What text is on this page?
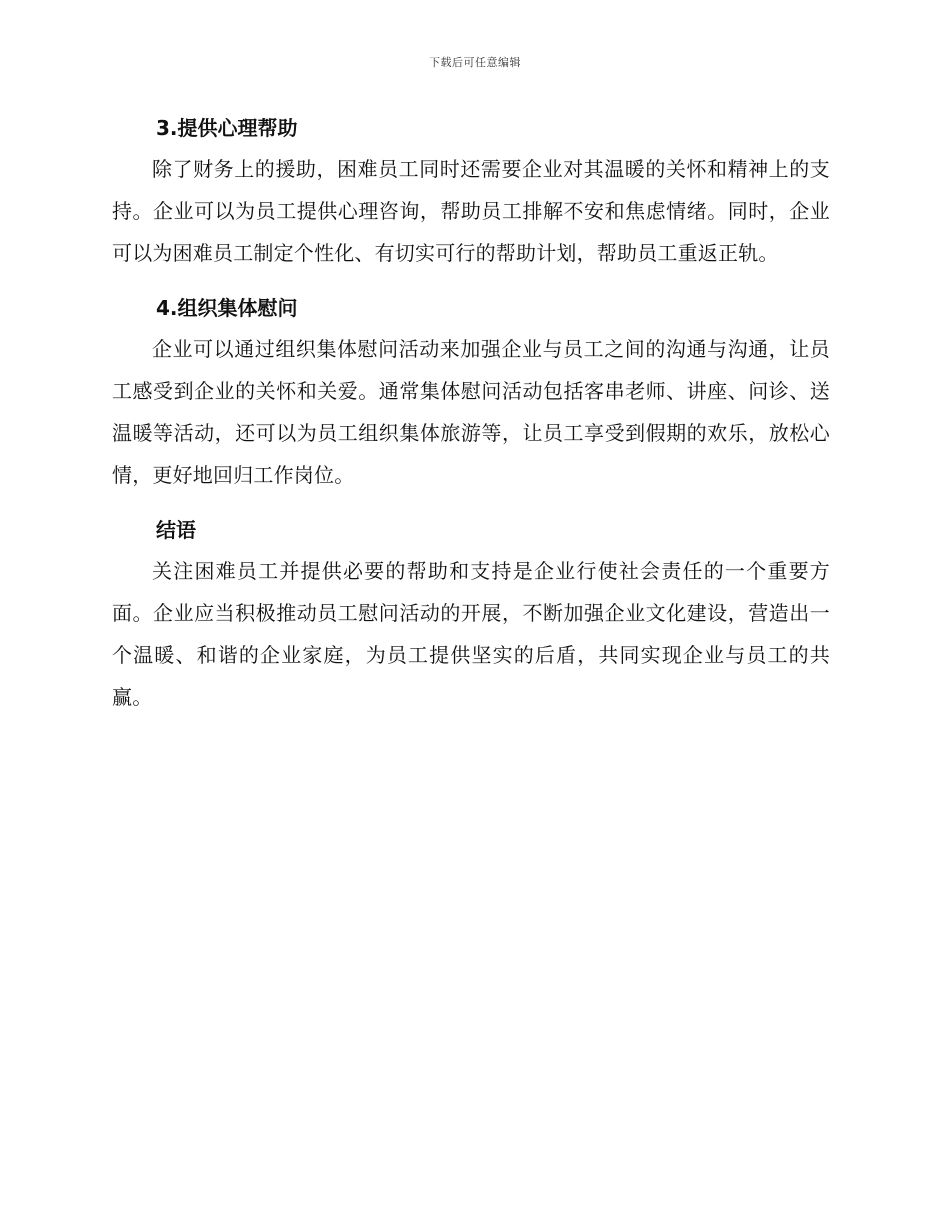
下载后可任意编辑
3.提供心理帮助

除了财务上的援助，困难员工同时还需要企业对其温暖的关怀和精神上的支持。企业可以为员工提供心理咨询，帮助员工排解不安和焦虑情绪。同时，企业可以为困难员工制定个性化、有切实可行的帮助计划，帮助员工重返正轨。

4.组织集体慰问

企业可以通过组织集体慰问活动来加强企业与员工之间的沟通与沟通，让员工感受到企业的关怀和关爱。通常集体慰问活动包括客串老师、讲座、问诊、送温暖等活动，还可以为员工组织集体旅游等，让员工享受到假期的欢乐，放松心情，更好地回归工作岗位。

结语

关注困难员工并提供必要的帮助和支持是企业行使社会责任的一个重要方面。企业应当积极推动员工慰问活动的开展，不断加强企业文化建设，营造出一个温暖、和谐的企业家庭，为员工提供坚实的后盾，共同实现企业与员工的共赢。
